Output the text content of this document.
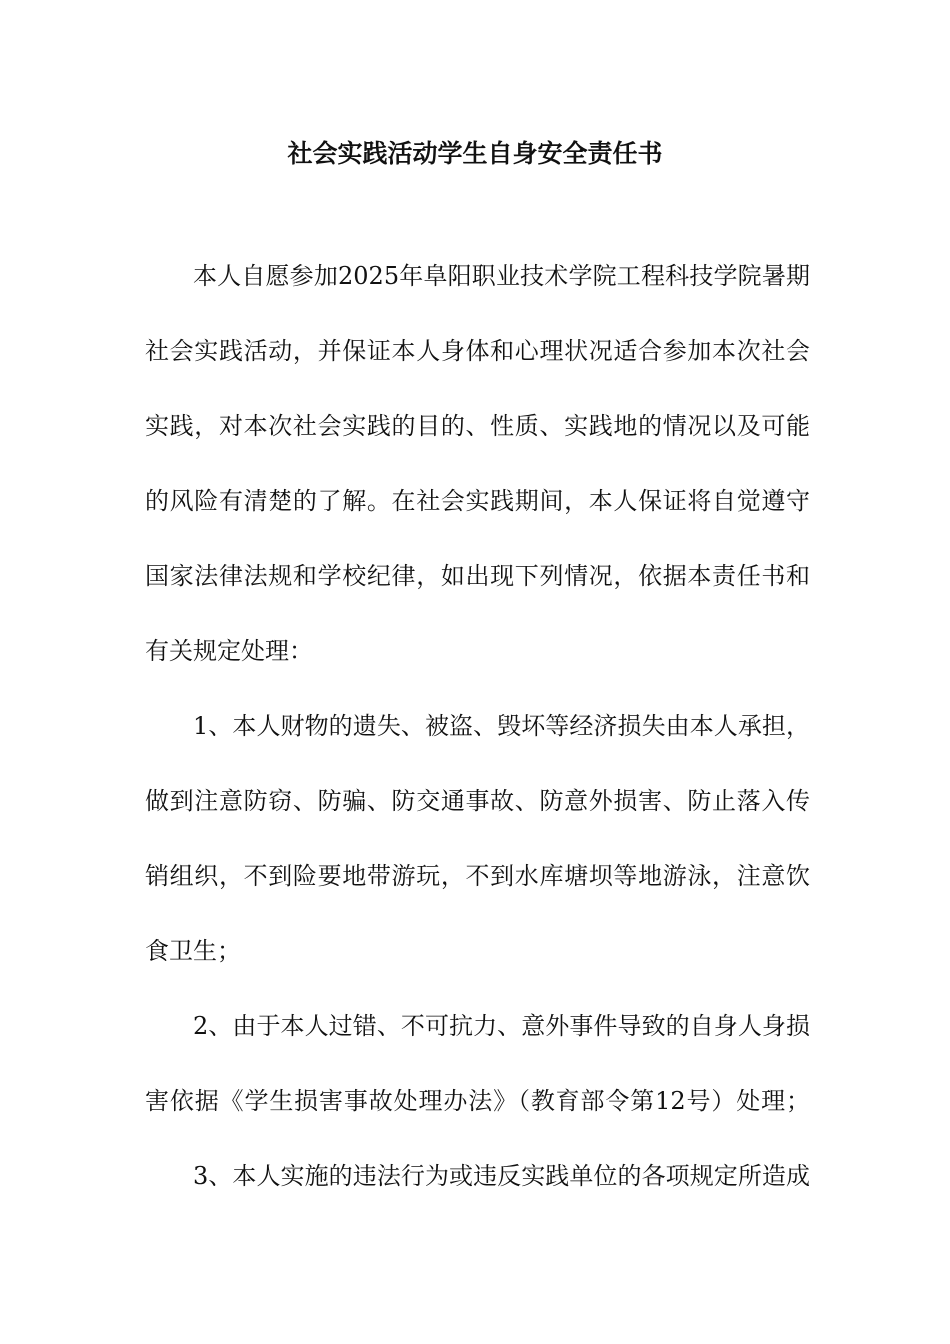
社会实践活动学生自身安全责任书
本人自愿参加2025年阜阳职业技术学院工程科技学院暑期
社会实践活动，并保证本人身体和心理状况适合参加本次社会
实践，对本次社会实践的目的、性质、实践地的情况以及可能
的风险有清楚的了解。在社会实践期间，本人保证将自觉遵守
国家法律法规和学校纪律，如出现下列情况，依据本责任书和
有关规定处理：
1、本人财物的遗失、被盗、毁坏等经济损失由本人承担，
做到注意防窃、防骗、防交通事故、防意外损害、防止落入传
销组织，不到险要地带游玩，不到水库塘坝等地游泳，注意饮
食卫生；
2、由于本人过错、不可抗力、意外事件导致的自身人身损
害依据《学生损害事故处理办法》（教育部令第12号）处理；
3、本人实施的违法行为或违反实践单位的各项规定所造成
